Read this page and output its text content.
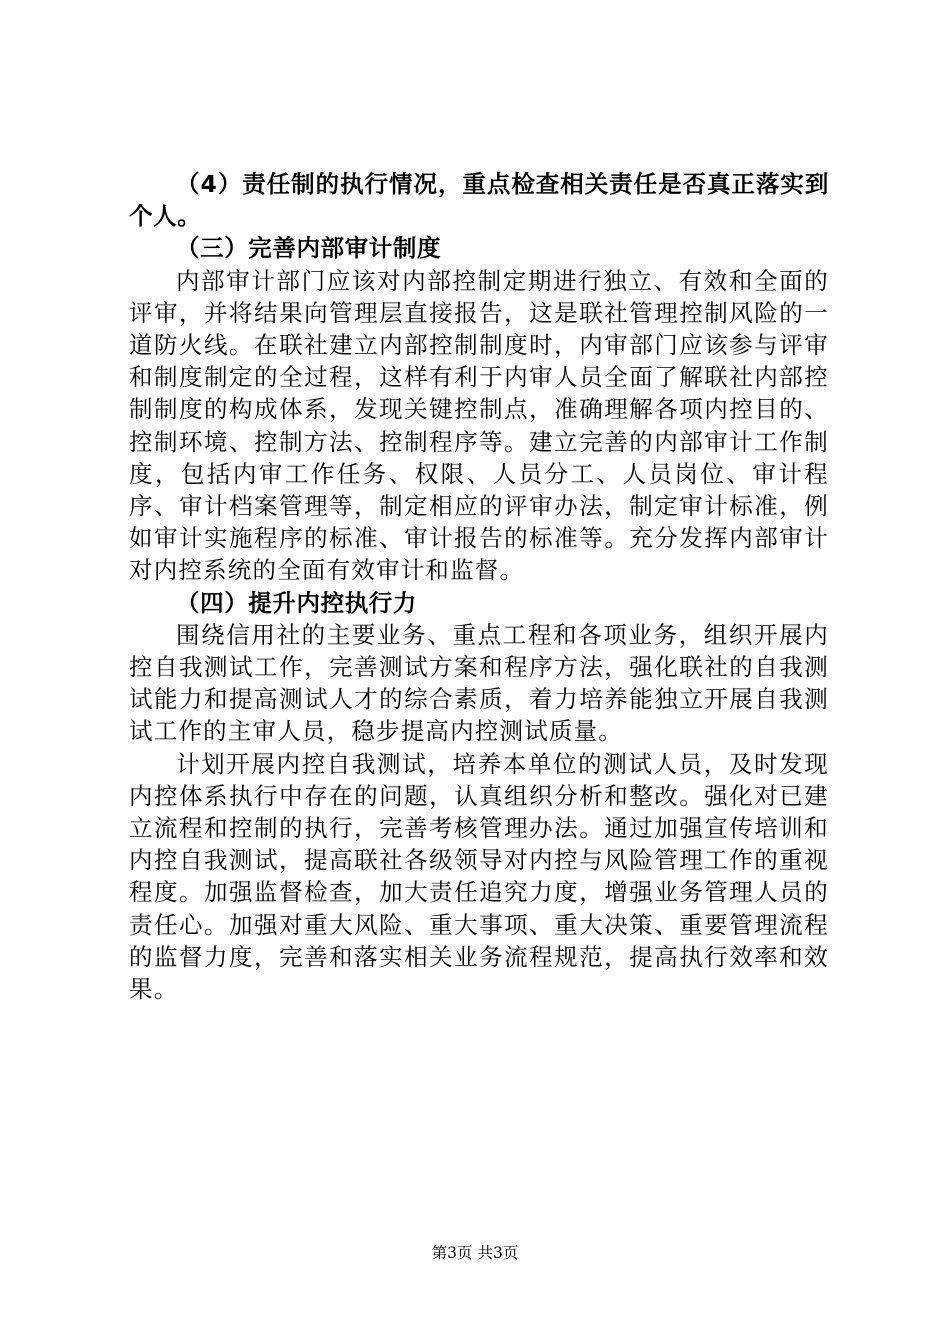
（4）责任制的执行情况，重点检查相关责任是否真正落实到个人。

（三）完善内部审计制度

内部审计部门应该对内部控制定期进行独立、有效和全面的评审，并将结果向管理层直接报告，这是联社管理控制风险的一道防火线。在联社建立内部控制制度时，内审部门应该参与评审和制度制定的全过程，这样有利于内审人员全面了解联社内部控制制度的构成体系，发现关键控制点，准确理解各项内控目的、控制环境、控制方法、控制程序等。建立完善的内部审计工作制度，包括内审工作任务、权限、人员分工、人员岗位、审计程序、审计档案管理等，制定相应的评审办法，制定审计标准，例如审计实施程序的标准、审计报告的标准等。充分发挥内部审计对内控系统的全面有效审计和监督。

（四）提升内控执行力

围绕信用社的主要业务、重点工程和各项业务，组织开展内控自我测试工作，完善测试方案和程序方法，强化联社的自我测试能力和提高测试人才的综合素质，着力培养能独立开展自我测试工作的主审人员，稳步提高内控测试质量。

计划开展内控自我测试，培养本单位的测试人员，及时发现内控体系执行中存在的问题，认真组织分析和整改。强化对已建立流程和控制的执行，完善考核管理办法。通过加强宣传培训和内控自我测试，提高联社各级领导对内控与风险管理工作的重视程度。加强监督检查，加大责任追究力度，增强业务管理人员的责任心。加强对重大风险、重大事项、重大决策、重要管理流程的监督力度，完善和落实相关业务流程规范，提高执行效率和效果。

第3页 共3页
